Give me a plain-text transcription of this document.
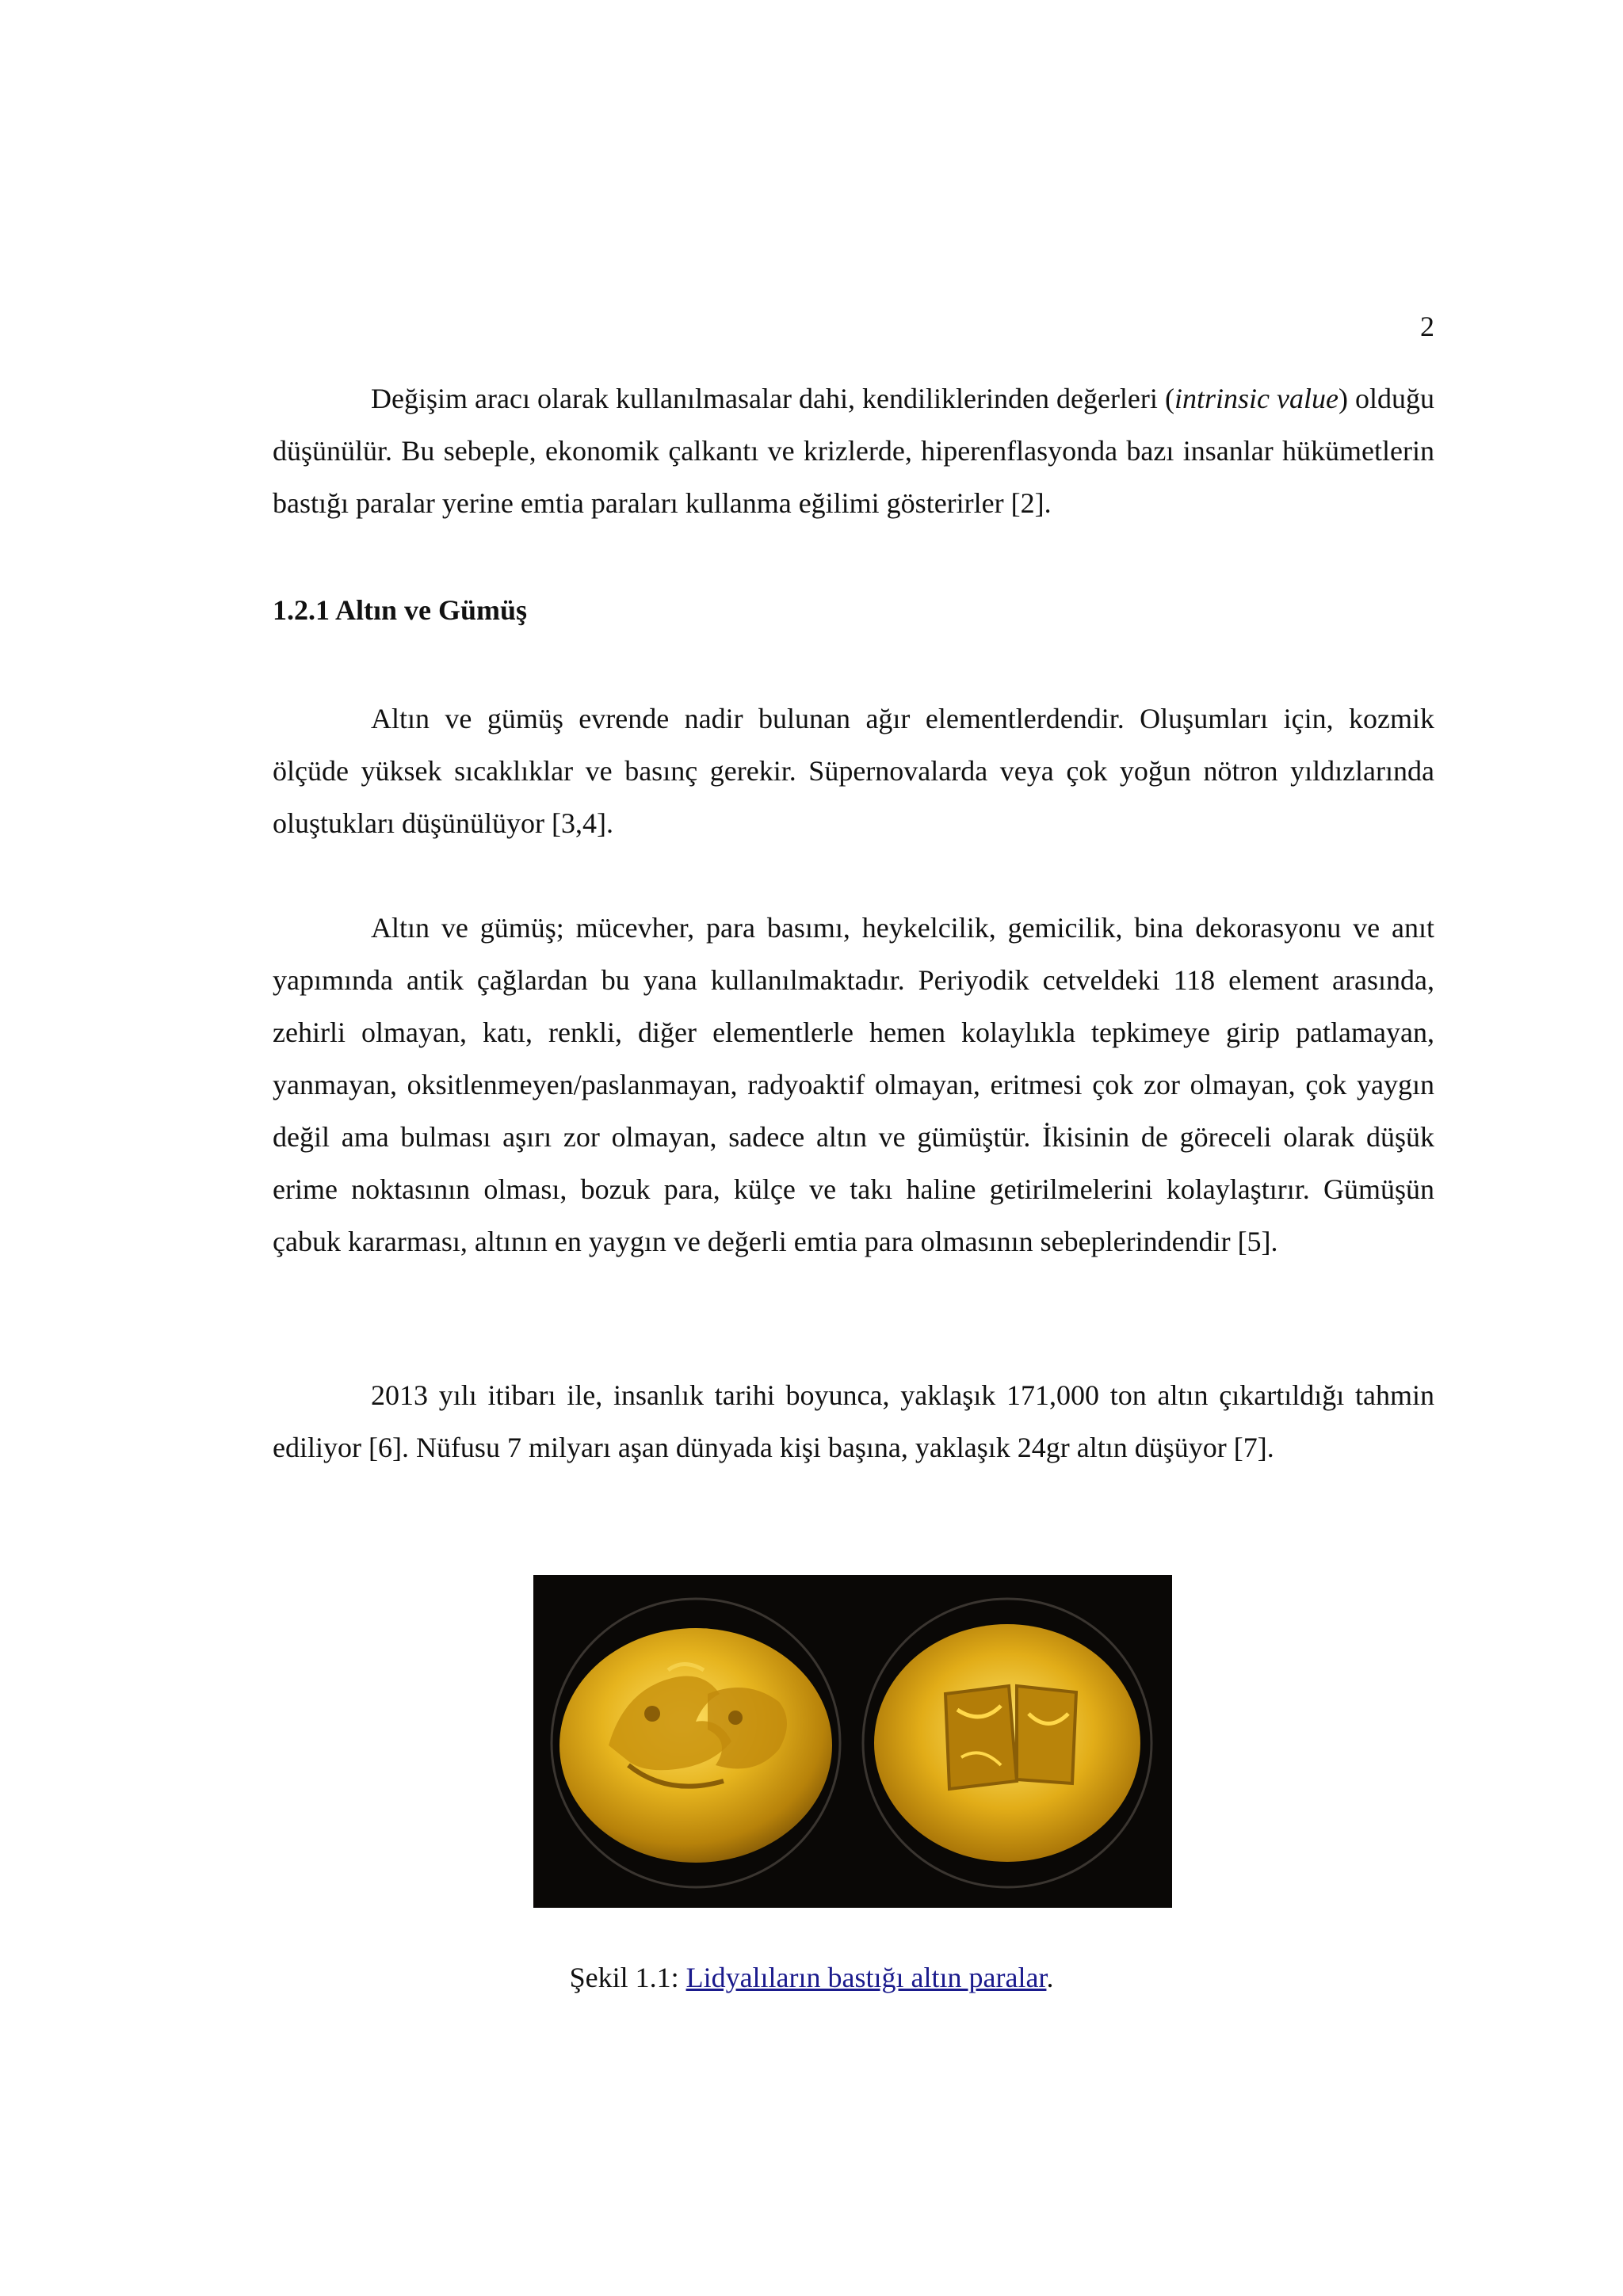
2

Değişim aracı olarak kullanılmasalar dahi, kendiliklerinden değerleri (intrinsic value) olduğu düşünülür. Bu sebeple, ekonomik çalkantı ve krizlerde, hiperenflasyonda bazı insanlar hükümetlerin bastığı paralar yerine emtia paraları kullanma eğilimi gösterirler [2].

1.2.1 Altın ve Gümüş

Altın ve gümüş evrende nadir bulunan ağır elementlerdendir. Oluşumları için, kozmik ölçüde yüksek sıcaklıklar ve basınç gerekir. Süpernovalarda veya çok yoğun nötron yıldızlarında oluştukları düşünülüyor [3,4].

Altın ve gümüş; mücevher, para basımı, heykelcilik, gemicilik, bina dekorasyonu ve anıt yapımında antik çağlardan bu yana kullanılmaktadır. Periyodik cetveldeki 118 element arasında, zehirli olmayan, katı, renkli, diğer elementlerle hemen kolaylıkla tepkimeye girip patlamayan, yanmayan, oksitlenmeyen/paslanmayan, radyoaktif olmayan, eritmesi çok zor olmayan, çok yaygın değil ama bulması aşırı zor olmayan, sadece altın ve gümüştür. İkisinin de göreceli olarak düşük erime noktasının olması, bozuk para, külçe ve takı haline getirilmelerini kolaylaştırır. Gümüşün çabuk kararması, altının en yaygın ve değerli emtia para olmasının sebeplerindendir [5].

2013 yılı itibarı ile, insanlık tarihi boyunca, yaklaşık 171,000 ton altın çıkartıldığı tahmin ediliyor [6]. Nüfusu 7 milyarı aşan dünyada kişi başına, yaklaşık 24gr altın düşüyor [7].

Şekil 1.1: Lidyalıların bastığı altın paralar.
